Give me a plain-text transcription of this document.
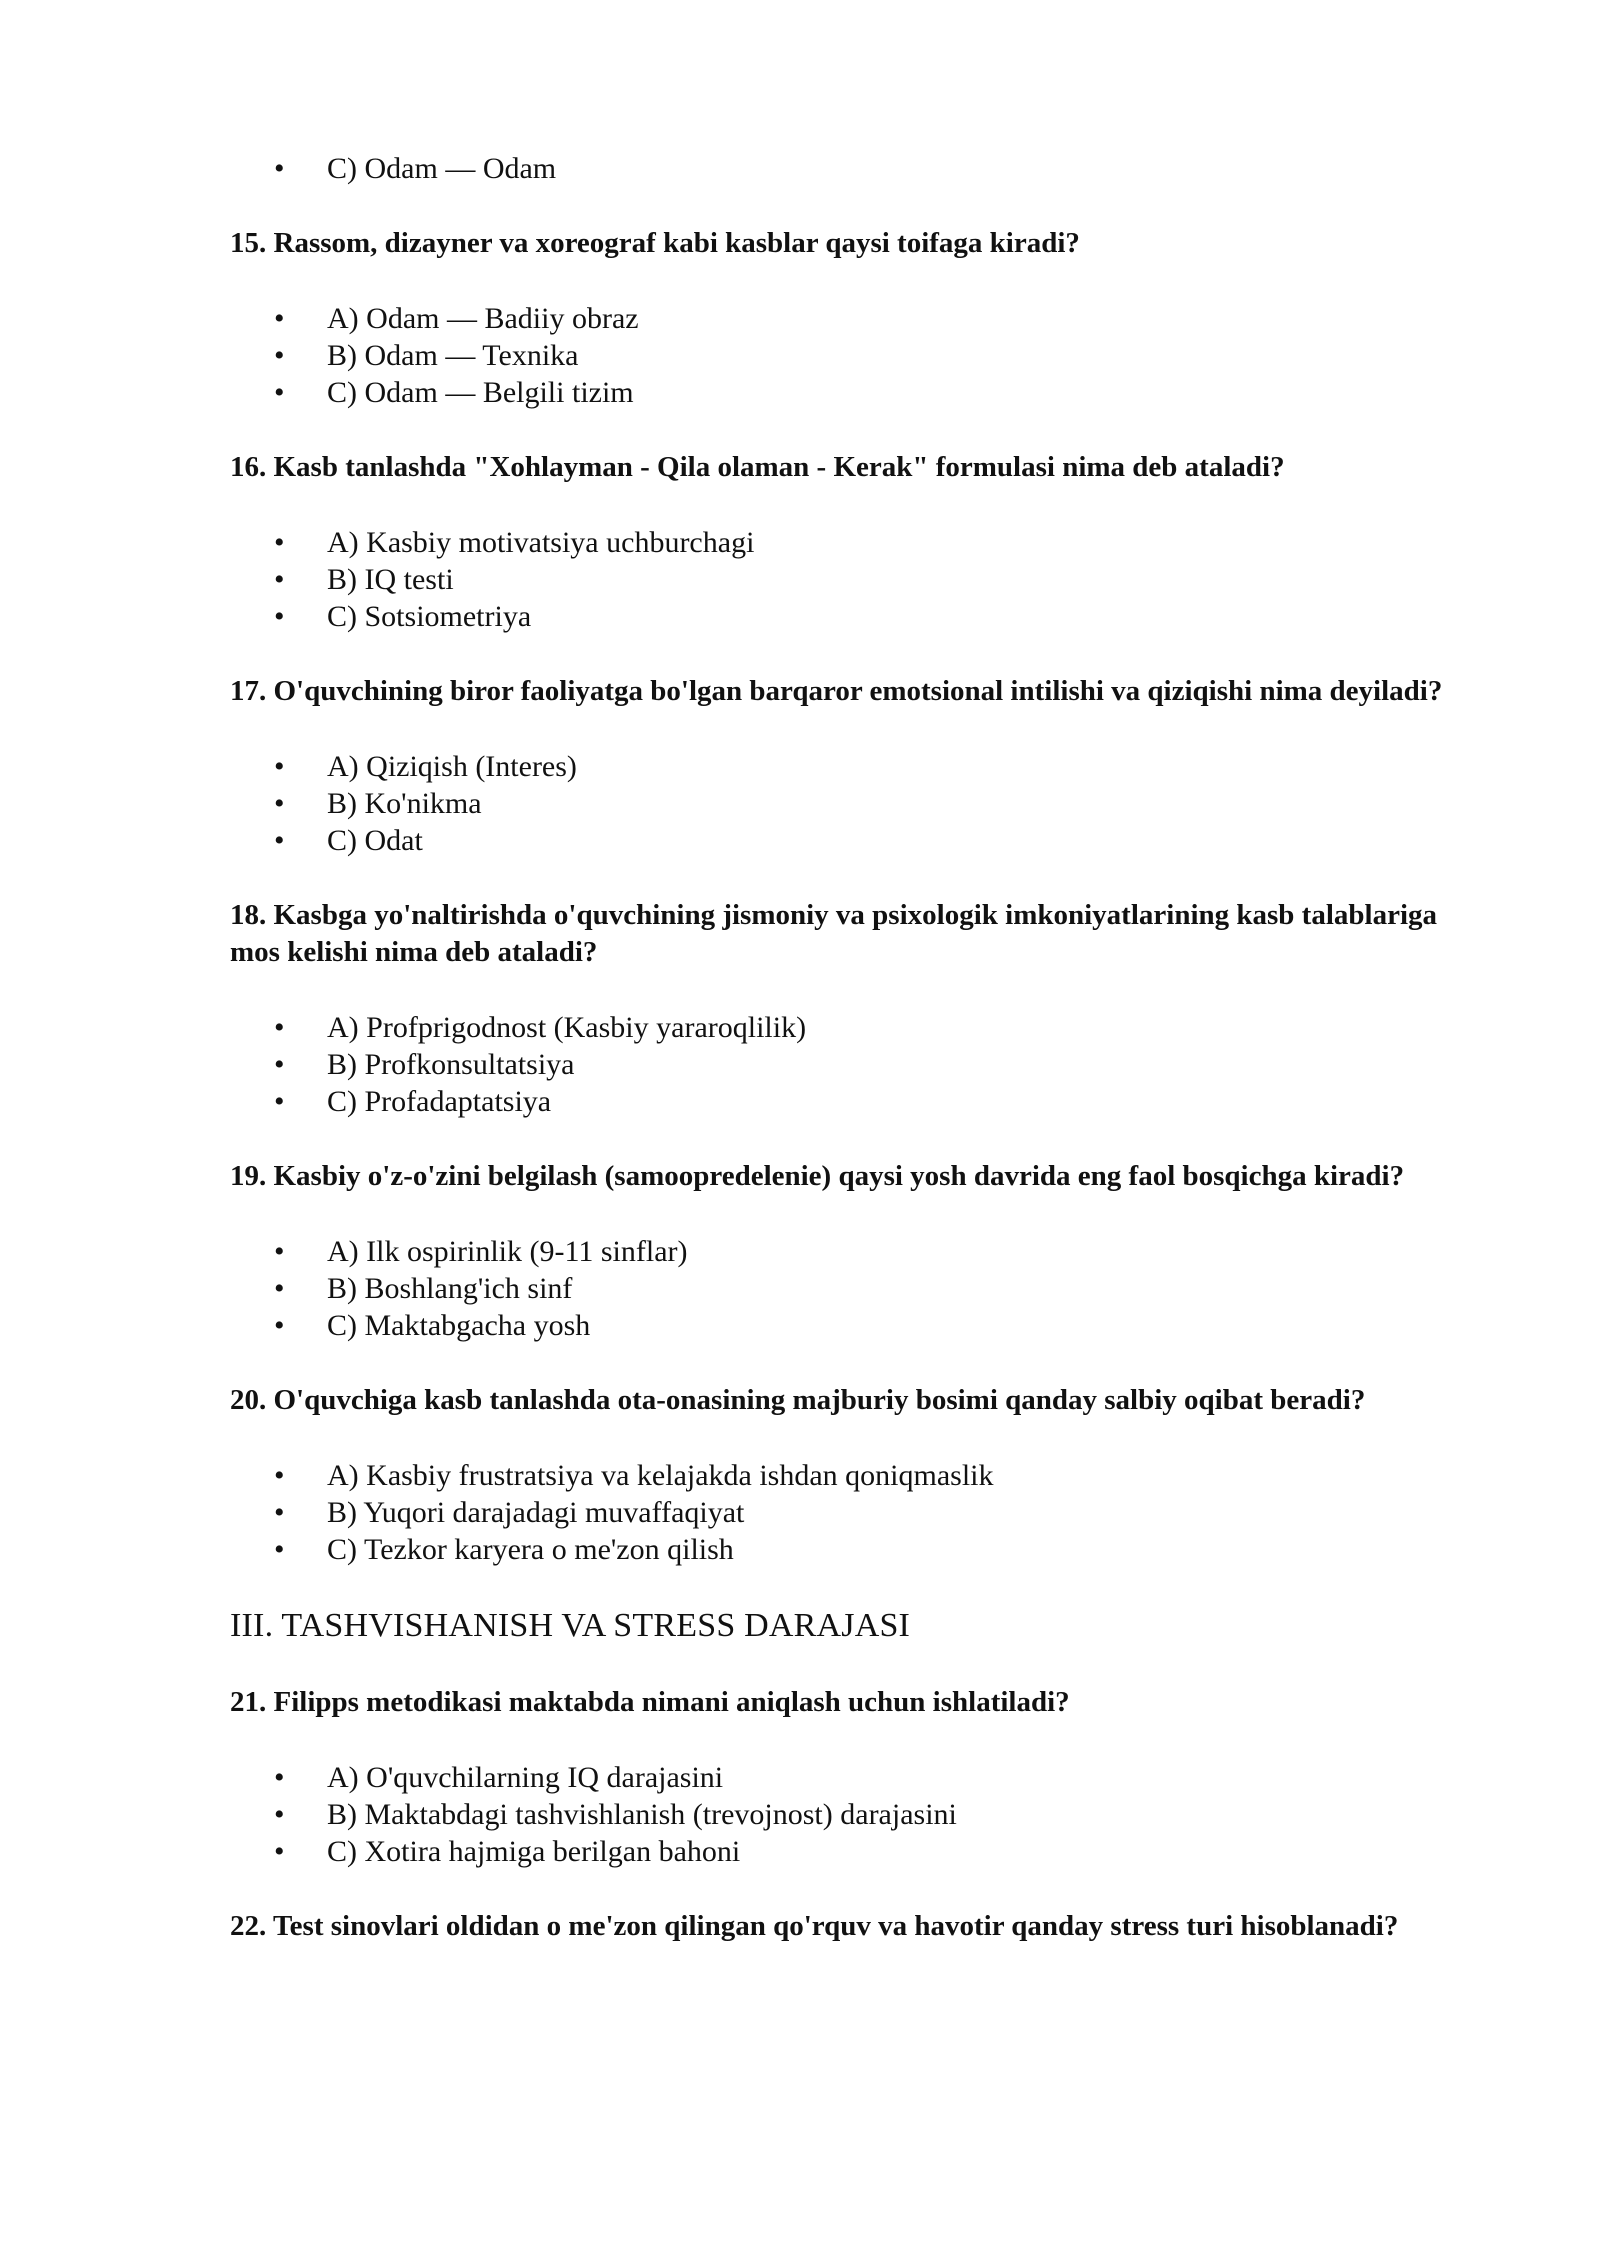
• C) Odam — Odam

15. Rassom, dizayner va xoreograf kabi kasblar qaysi toifaga kiradi?

• A) Odam — Badiiy obraz
• B) Odam — Texnika
• C) Odam — Belgili tizim

16. Kasb tanlashda "Xohlayman - Qila olaman - Kerak" formulasi nima deb ataladi?

• A) Kasbiy motivatsiya uchburchagi
• B) IQ testi
• C) Sotsiometriya

17. O'quvchining biror faoliyatga bo'lgan barqaror emotsional intilishi va qiziqishi nima deyiladi?

• A) Qiziqish (Interes)
• B) Ko'nikma
• C) Odat

18. Kasbga yo'naltirishda o'quvchining jismoniy va psixologik imkoniyatlarining kasb talablariga mos kelishi nima deb ataladi?

• A) Profprigodnost (Kasbiy yararoqlilik)
• B) Profkonsultatsiya
• C) Profadaptatsiya

19. Kasbiy o'z-o'zini belgilash (samoopredelenie) qaysi yosh davrida eng faol bosqichga kiradi?

• A) Ilk ospirinlik (9-11 sinflar)
• B) Boshlang'ich sinf
• C) Maktabgacha yosh

20. O'quvchiga kasb tanlashda ota-onasining majburiy bosimi qanday salbiy oqibat beradi?

• A) Kasbiy frustratsiya va kelajakda ishdan qoniqmaslik
• B) Yuqori darajadagi muvaffaqiyat
• C) Tezkor karyera o me'zon qilish
III. TASHVISHANISH VA STRESS DARAJASI

21. Filipps metodikasi maktabda nimani aniqlash uchun ishlatiladi?

• A) O'quvchilarning IQ darajasini
• B) Maktabdagi tashvishlanish (trevojnost) darajasini
• C) Xotira hajmiga berilgan bahoni

22. Test sinovlari oldidan o me'zon qilingan qo'rquv va havotir qanday stress turi hisoblanadi?
